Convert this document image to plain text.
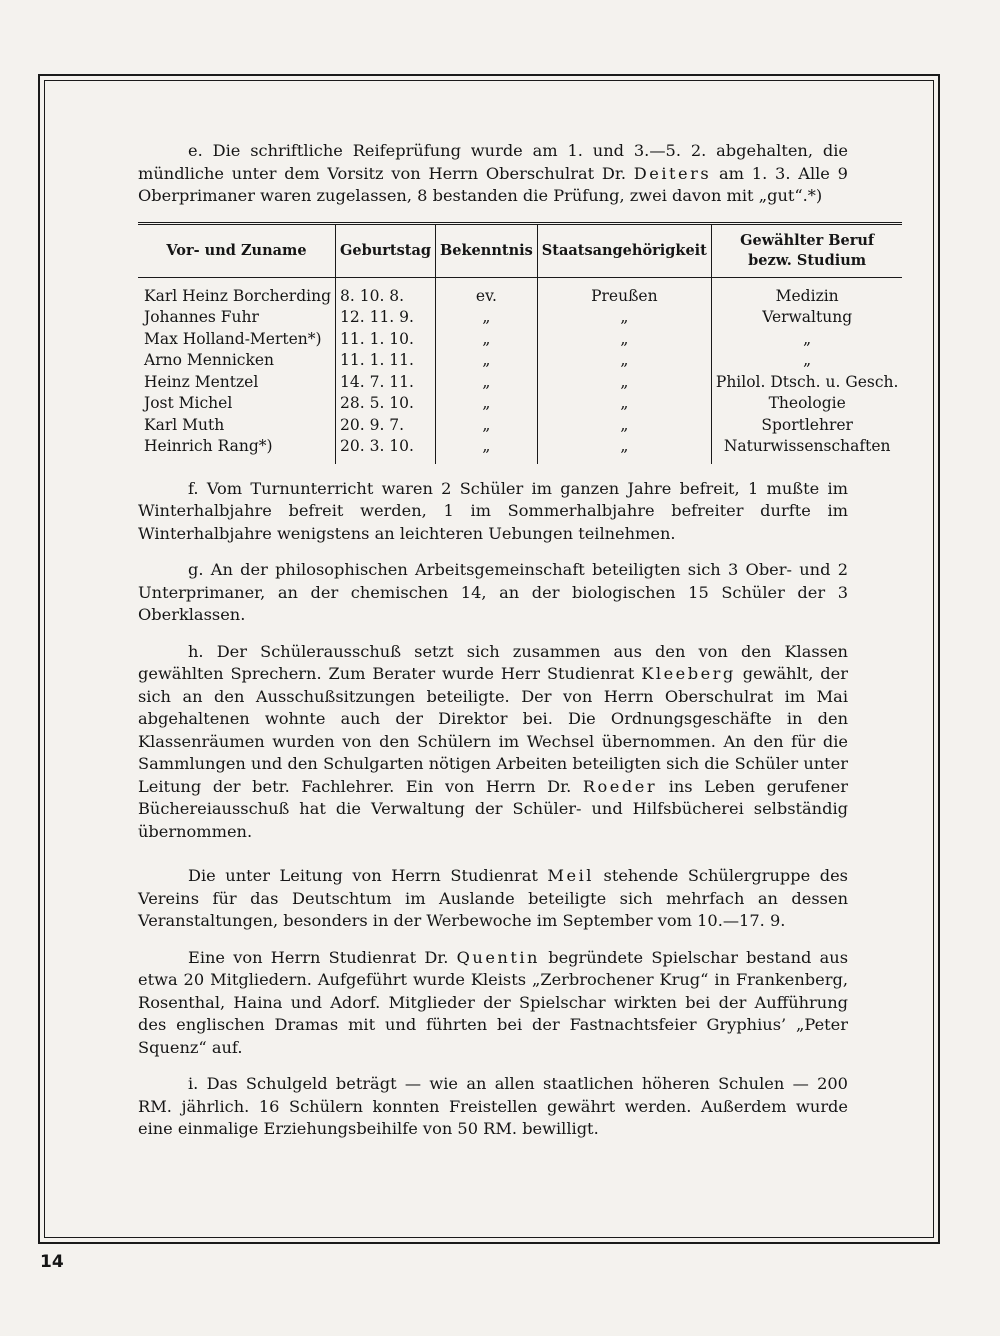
e. Die schriftliche Reifeprüfung wurde am 1. und 3.—5. 2. abgehalten, die mündliche unter dem Vorsitz von Herrn Oberschulrat Dr. Deiters am 1. 3. Alle 9 Oberprimaner waren zugelassen, 8 bestanden die Prüfung, zwei davon mit „gut“.*)

Vor- und Zuname	Geburtstag	Bekenntnis	Staatsangehörigkeit	Gewählter Beruf bezw. Studium
Karl Heinz Borcherding	8. 10. 8.	ev.	Preußen	Medizin
Johannes Fuhr	12. 11. 9.	„	„	Verwaltung
Max Holland-Merten*)	11. 1. 10.	„	„	„
Arno Mennicken	11. 1. 11.	„	„	„
Heinz Mentzel	14. 7. 11.	„	„	Philol. Dtsch. u. Gesch.
Jost Michel	28. 5. 10.	„	„	Theologie
Karl Muth	20. 9. 7.	„	„	Sportlehrer
Heinrich Rang*)	20. 3. 10.	„	„	Naturwissenschaften

f. Vom Turnunterricht waren 2 Schüler im ganzen Jahre befreit, 1 mußte im Winterhalbjahre befreit werden, 1 im Sommerhalbjahre befreiter durfte im Winterhalbjahre wenigstens an leichteren Uebungen teilnehmen.

g. An der philosophischen Arbeitsgemeinschaft beteiligten sich 3 Ober- und 2 Unterprimaner, an der chemischen 14, an der biologischen 15 Schüler der 3 Oberklassen.

h. Der Schülerausschuß setzt sich zusammen aus den von den Klassen gewählten Sprechern. Zum Berater wurde Herr Studienrat Kleeberg gewählt, der sich an den Ausschußsitzungen beteiligte. Der von Herrn Oberschulrat im Mai abgehaltenen wohnte auch der Direktor bei. Die Ordnungsgeschäfte in den Klassenräumen wurden von den Schülern im Wechsel übernommen. An den für die Sammlungen und den Schulgarten nötigen Arbeiten beteiligten sich die Schüler unter Leitung der betr. Fachlehrer. Ein von Herrn Dr. Roeder ins Leben gerufener Büchereiausschuß hat die Verwaltung der Schüler- und Hilfsbücherei selbständig übernommen.

Die unter Leitung von Herrn Studienrat Meil stehende Schülergruppe des Vereins für das Deutschtum im Auslande beteiligte sich mehrfach an dessen Veranstaltungen, besonders in der Werbewoche im September vom 10.—17. 9.

Eine von Herrn Studienrat Dr. Quentin begründete Spielschar bestand aus etwa 20 Mitgliedern. Aufgeführt wurde Kleists „Zerbrochener Krug“ in Frankenberg, Rosenthal, Haina und Adorf. Mitglieder der Spielschar wirkten bei der Aufführung des englischen Dramas mit und führten bei der Fastnachtsfeier Gryphius’ „Peter Squenz“ auf.

i. Das Schulgeld beträgt — wie an allen staatlichen höheren Schulen — 200 RM. jährlich. 16 Schülern konnten Freistellen gewährt werden. Außerdem wurde eine einmalige Erziehungsbeihilfe von 50 RM. bewilligt.

14
